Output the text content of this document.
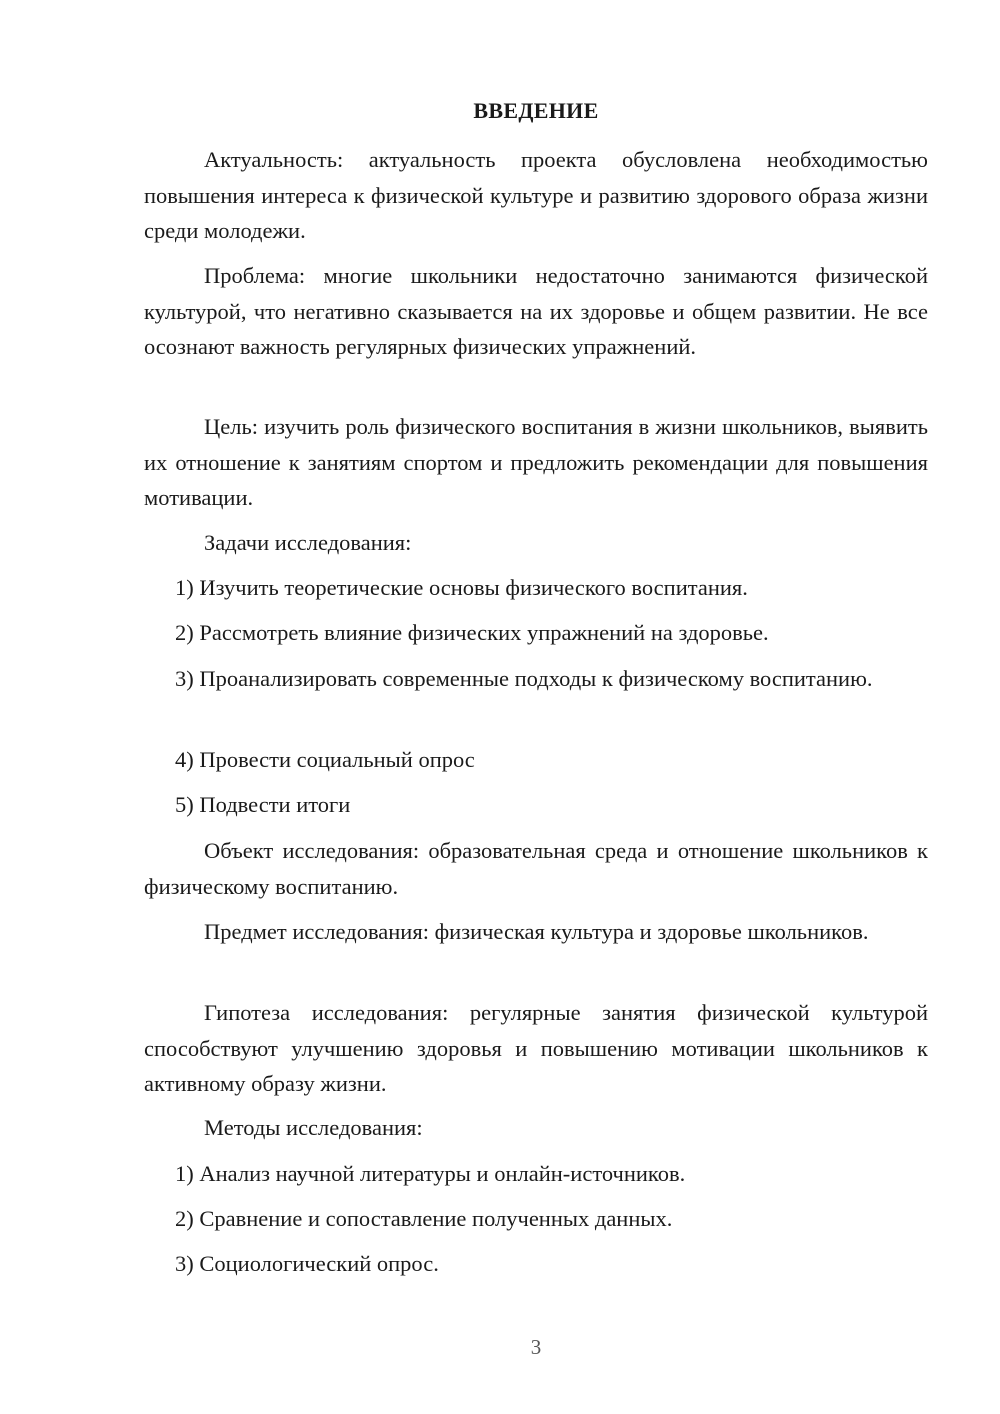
ВВЕДЕНИЕ

Актуальность: актуальность проекта обусловлена необходимостью повышения интереса к физической культуре и развитию здорового образа жизни среди молодежи.

Проблема: многие школьники недостаточно занимаются физической культурой, что негативно сказывается на их здоровье и общем развитии. Не все осознают важность регулярных физических упражнений.

Цель: изучить роль физического воспитания в жизни школьников, выявить их отношение к занятиям спортом и предложить рекомендации для повышения мотивации.

Задачи исследования:

1) Изучить теоретические основы физического воспитания.

2) Рассмотреть влияние физических упражнений на здоровье.

3) Проанализировать современные подходы к физическому воспитанию.

4) Провести социальный опрос

5) Подвести итоги

Объект исследования: образовательная среда и отношение школьников к физическому воспитанию.

Предмет исследования: физическая культура и здоровье школьников.

Гипотеза исследования: регулярные занятия физической культурой способствуют улучшению здоровья и повышению мотивации школьников к активному образу жизни.

Методы исследования:

1) Анализ научной литературы и онлайн-источников.

2) Сравнение и сопоставление полученных данных.

3) Социологический опрос.

3
